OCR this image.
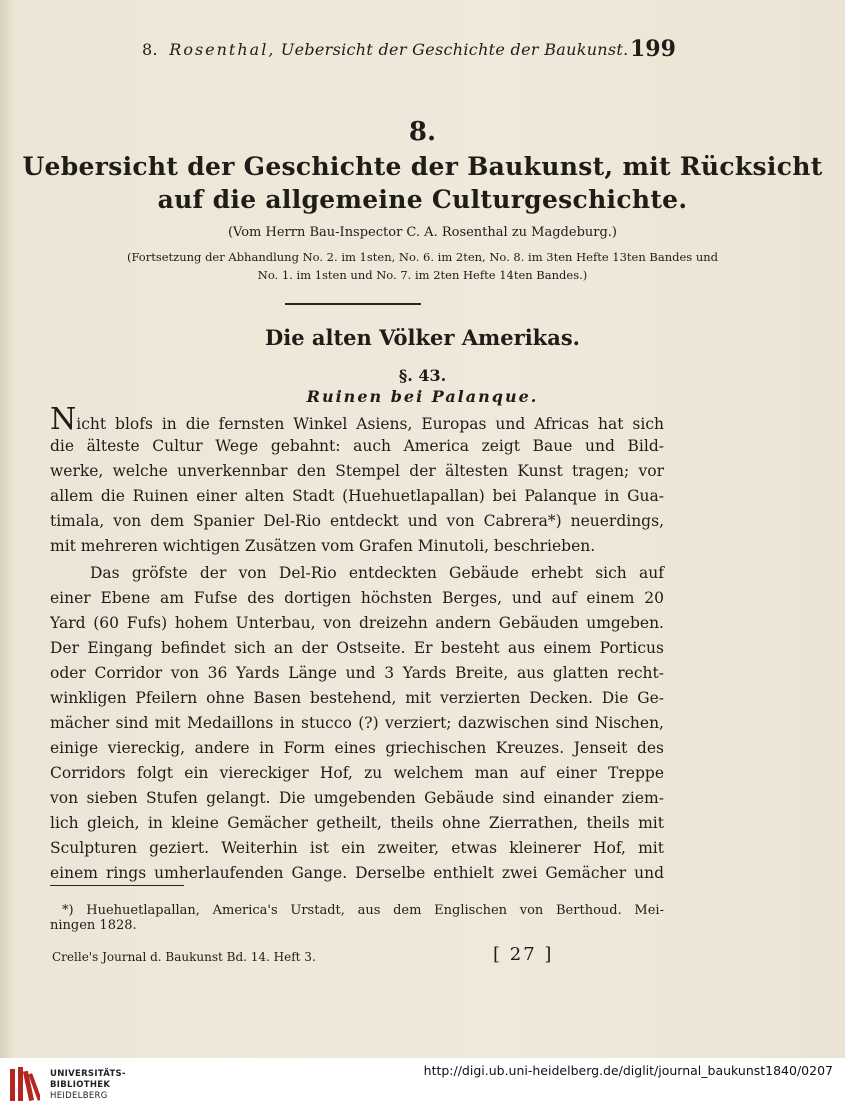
8. Rosenthal, Uebersicht der Geschichte der Baukunst. 199
8.
Uebersicht der Geschichte der Baukunst, mit Rücksicht
auf die allgemeine Culturgeschichte.
(Vom Herrn Bau-Inspector C. A. Rosenthal zu Magdeburg.)
(Fortsetzung der Abhandlung No. 2. im 1sten, No. 6. im 2ten, No. 8. im 3ten Hefte 13ten Bandes und
No. 1. im 1sten und No. 7. im 2ten Hefte 14ten Bandes.)
Die alten Völker Amerikas.
§. 43.
Ruinen bei Palanque.
Nicht blofs in die fernsten Winkel Asiens, Europas und Africas hat sich
die älteste Cultur Wege gebahnt: auch America zeigt Baue und Bild-
werke, welche unverkennbar den Stempel der ältesten Kunst tragen; vor
allem die Ruinen einer alten Stadt (Huehuetlapallan) bei Palanque in Gua-
timala, von dem Spanier Del-Rio entdeckt und von Cabrera*) neuerdings,
mit mehreren wichtigen Zusätzen vom Grafen Minutoli, beschrieben.
Das gröfste der von Del-Rio entdeckten Gebäude erhebt sich auf
einer Ebene am Fufse des dortigen höchsten Berges, und auf einem 20
Yard (60 Fufs) hohem Unterbau, von dreizehn andern Gebäuden umgeben.
Der Eingang befindet sich an der Ostseite. Er besteht aus einem Porticus
oder Corridor von 36 Yards Länge und 3 Yards Breite, aus glatten recht-
winkligen Pfeilern ohne Basen bestehend, mit verzierten Decken. Die Ge-
mächer sind mit Medaillons in stucco (?) verziert; dazwischen sind Nischen,
einige viereckig, andere in Form eines griechischen Kreuzes. Jenseit des
Corridors folgt ein viereckiger Hof, zu welchem man auf einer Treppe
von sieben Stufen gelangt. Die umgebenden Gebäude sind einander ziem-
lich gleich, in kleine Gemächer getheilt, theils ohne Zierrathen, theils mit
Sculpturen geziert. Weiterhin ist ein zweiter, etwas kleinerer Hof, mit
einem rings umherlaufenden Gange. Derselbe enthielt zwei Gemächer und
*) Huehuetlapallan, America's Urstadt, aus dem Englischen von Berthoud. Mei-
ningen 1828.
Crelle's Journal d. Baukunst Bd. 14. Heft 3.	[ 27 ]
UNIVERSITÄTS-
BIBLIOTHEK
HEIDELBERG
http://digi.ub.uni-heidelberg.de/diglit/journal_baukunst1840/0207
